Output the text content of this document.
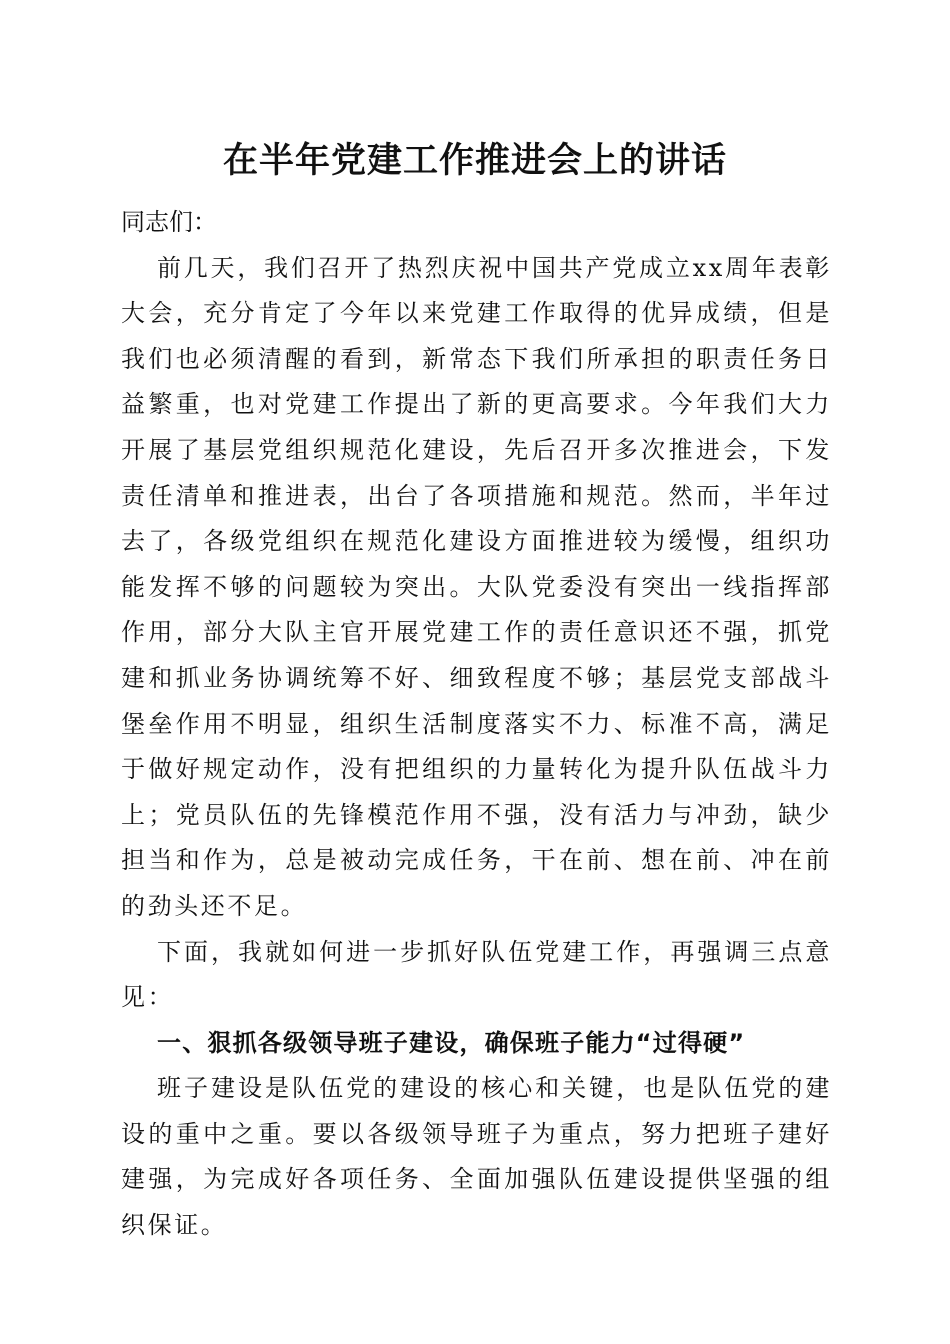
在半年党建工作推进会上的讲话

同志们：

前几天，我们召开了热烈庆祝中国共产党成立xx周年表彰大会，充分肯定了今年以来党建工作取得的优异成绩，但是我们也必须清醒的看到，新常态下我们所承担的职责任务日益繁重，也对党建工作提出了新的更高要求。今年我们大力开展了基层党组织规范化建设，先后召开多次推进会，下发责任清单和推进表，出台了各项措施和规范。然而，半年过去了，各级党组织在规范化建设方面推进较为缓慢，组织功能发挥不够的问题较为突出。大队党委没有突出一线指挥部作用，部分大队主官开展党建工作的责任意识还不强，抓党建和抓业务协调统筹不好、细致程度不够；基层党支部战斗堡垒作用不明显，组织生活制度落实不力、标准不高，满足于做好规定动作，没有把组织的力量转化为提升队伍战斗力上；党员队伍的先锋模范作用不强，没有活力与冲劲，缺少担当和作为，总是被动完成任务，干在前、想在前、冲在前的劲头还不足。

下面，我就如何进一步抓好队伍党建工作，再强调三点意见：

一、狠抓各级领导班子建设，确保班子能力“过得硬”

班子建设是队伍党的建设的核心和关键，也是队伍党的建设的重中之重。要以各级领导班子为重点，努力把班子建好建强，为完成好各项任务、全面加强队伍建设提供坚强的组织保证。
